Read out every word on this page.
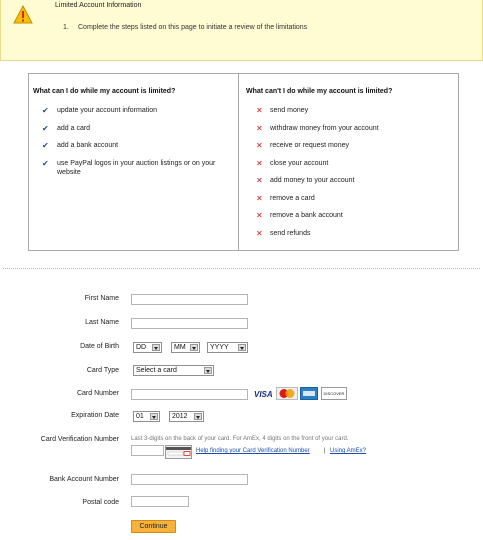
Limited Account Information
1. Complete the steps listed on this page to initiate a review of the limitations
What can I do while my account is limited?	What can't I do while my account is limited?
✔ update your account information
✔ add a card
✔ add a bank account
✔ use PayPal logos in your auction listings or on your website
✕ send money
✕ withdraw money from your account
✕ receive or request money
✕ close your account
✕ add money to your account
✕ remove a card
✕ remove a bank account
✕ send refunds
First Name
Last Name
Date of Birth	DD	MM	YYYY
Card Type	Select a card
Card Number	VISA	DISCOVER
Expiration Date	01	2012
Card Verification Number Last 3-digits on the back of your card. For AmEx, 4 digits on the front of your card.
Help finding your Card Verification Number | Using AmEx?
Bank Account Number
Postal code
Continue
